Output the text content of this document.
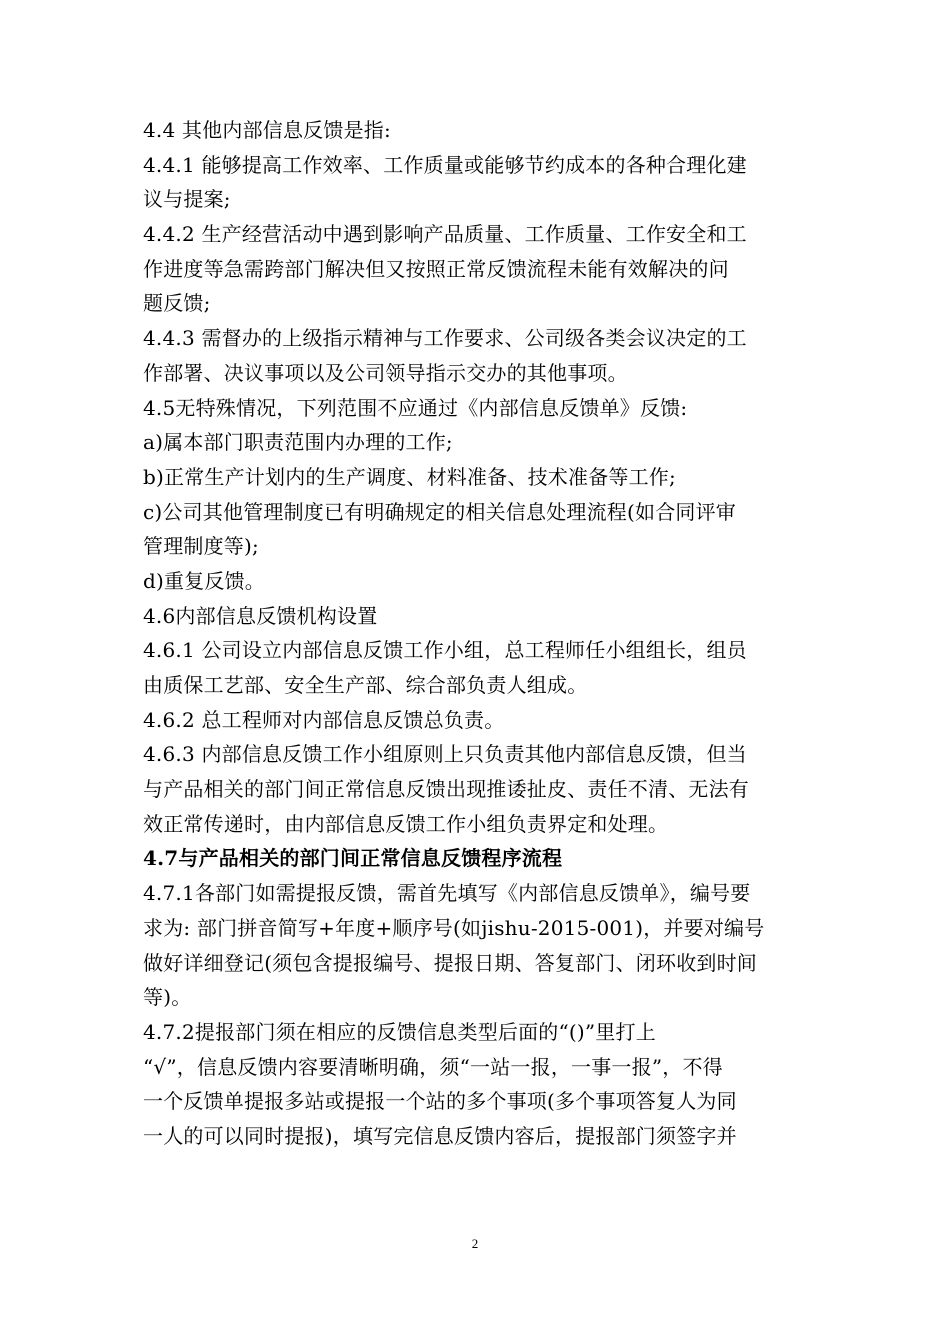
4.4 其他内部信息反馈是指:
4.4.1 能够提高工作效率、工作质量或能够节约成本的各种合理化建
议与提案;
4.4.2 生产经营活动中遇到影响产品质量、工作质量、工作安全和工
作进度等急需跨部门解决但又按照正常反馈流程未能有效解决的问
题反馈;
4.4.3 需督办的上级指示精神与工作要求、公司级各类会议决定的工
作部署、决议事项以及公司领导指示交办的其他事项。
4.5无特殊情况，下列范围不应通过《内部信息反馈单》反馈:
a)属本部门职责范围内办理的工作;
b)正常生产计划内的生产调度、材料准备、技术准备等工作;
c)公司其他管理制度已有明确规定的相关信息处理流程(如合同评审
管理制度等);
d)重复反馈。
4.6内部信息反馈机构设置
4.6.1 公司设立内部信息反馈工作小组，总工程师任小组组长，组员
由质保工艺部、安全生产部、综合部负责人组成。
4.6.2 总工程师对内部信息反馈总负责。
4.6.3 内部信息反馈工作小组原则上只负责其他内部信息反馈，但当
与产品相关的部门间正常信息反馈出现推诿扯皮、责任不清、无法有
效正常传递时，由内部信息反馈工作小组负责界定和处理。
4.7与产品相关的部门间正常信息反馈程序流程
4.7.1各部门如需提报反馈，需首先填写《内部信息反馈单》，编号要
求为: 部门拼音简写+年度+顺序号(如jishu-2015-001)，并要对编号
做好详细登记(须包含提报编号、提报日期、答复部门、闭环收到时间
等)。
4.7.2提报部门须在相应的反馈信息类型后面的“()”里打上
“√”，信息反馈内容要清晰明确，须“一站一报，一事一报”，不得
一个反馈单提报多站或提报一个站的多个事项(多个事项答复人为同
一人的可以同时提报)，填写完信息反馈内容后，提报部门须签字并
2
